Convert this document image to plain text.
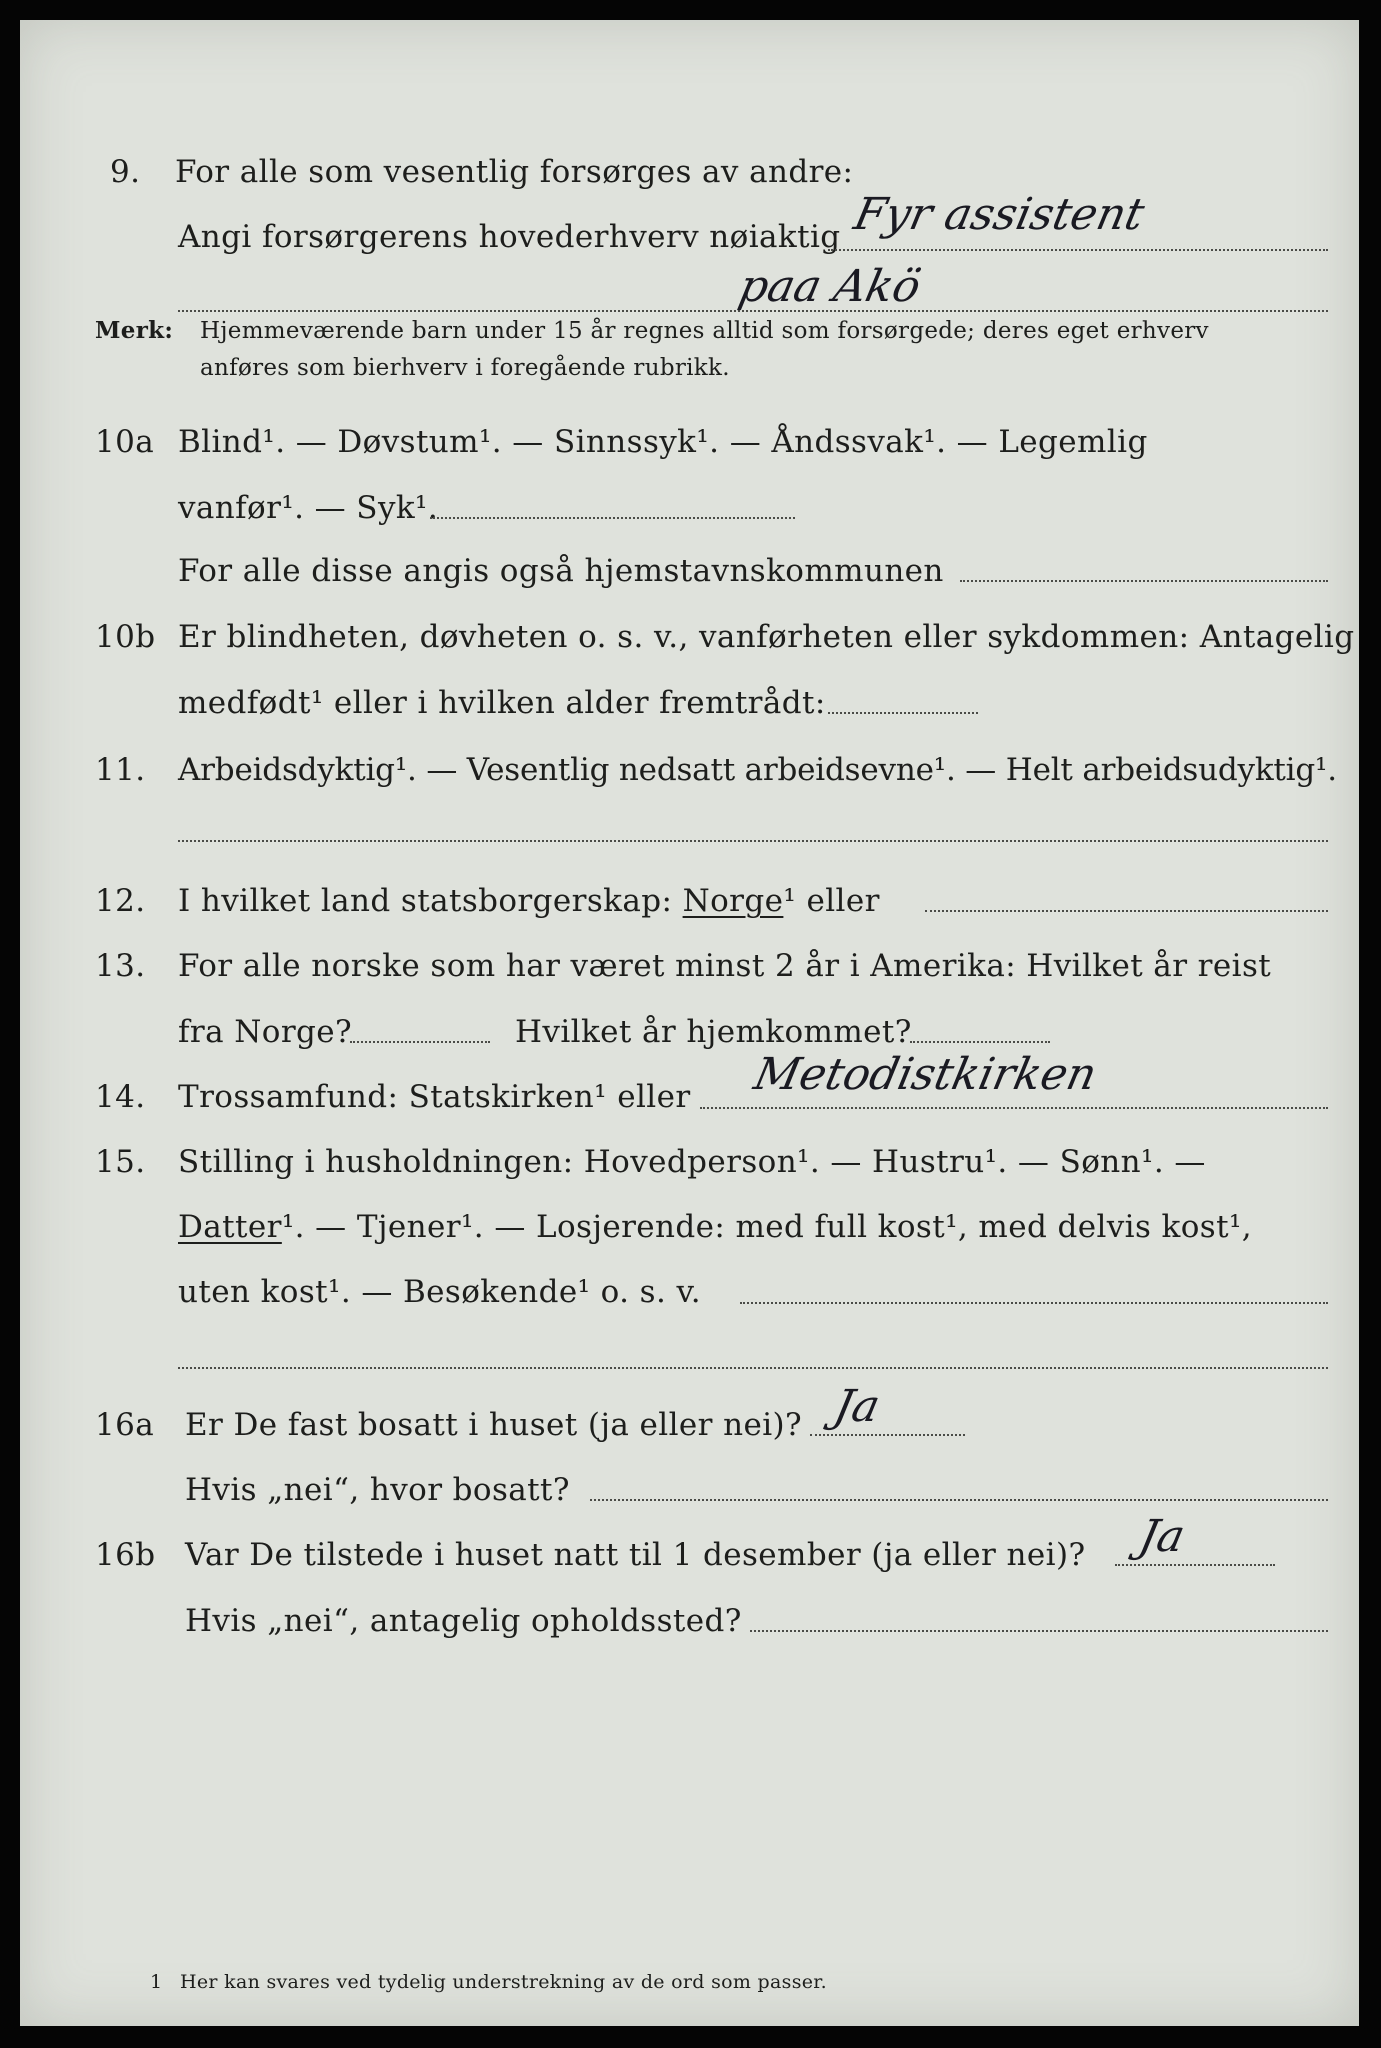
9. For alle som vesentlig forsørges av andre:
Angi forsørgerens hovederhverv nøiaktig Fyr assistent
paa Akö
Merk: Hjemmeværende barn under 15 år regnes alltid som forsørgede; deres eget erhverv
anføres som bierhverv i foregående rubrikk.
10a Blind¹. — Døvstum¹. — Sinnssyk¹. — Åndssvak¹. — Legemlig
vanfør¹. — Syk¹.
For alle disse angis også hjemstavnskommunen
10b Er blindheten, døvheten o. s. v., vanførheten eller sykdommen: Antagelig
medfødt¹ eller i hvilken alder fremtrådt:
11. Arbeidsdyktig¹. — Vesentlig nedsatt arbeidsevne¹. — Helt arbeidsudyktig¹.
12. I hvilket land statsborgerskap: Norge¹ eller
13. For alle norske som har været minst 2 år i Amerika: Hvilket år reist
fra Norge?	Hvilket år hjemkommet?
14. Trossamfund: Statskirken¹ eller Metodistkirken
15. Stilling i husholdningen: Hovedperson¹. — Hustru¹. — Sønn¹. —
Datter¹. — Tjener¹. — Losjerende: med full kost¹, med delvis kost¹,
uten kost¹. — Besøkende¹ o. s. v.
16a Er De fast bosatt i huset (ja eller nei)? Ja
Hvis „nei“, hvor bosatt?
16b Var De tilstede i huset natt til 1 desember (ja eller nei)? Ja
Hvis „nei“, antagelig opholdssted?
1 Her kan svares ved tydelig understrekning av de ord som passer.
